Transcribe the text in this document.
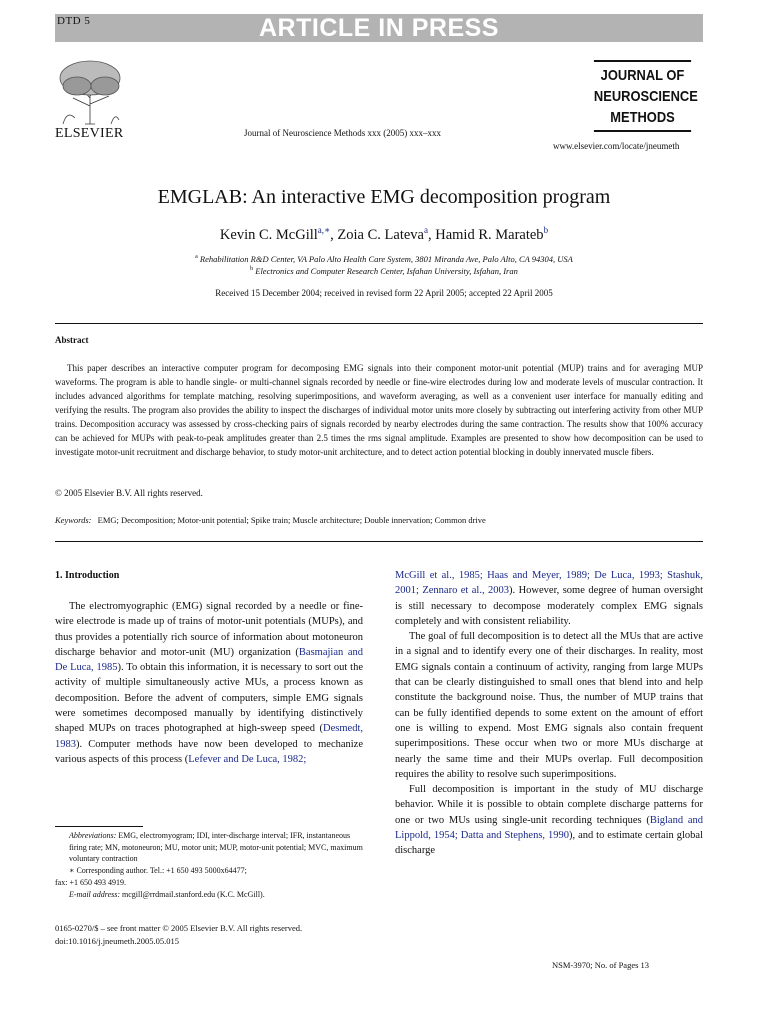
DTD 5	ARTICLE IN PRESS
ELSEVIER	Journal of Neuroscience Methods xxx (2005) xxx–xxx
JOURNAL OF
NEUROSCIENCE
METHODS
www.elsevier.com/locate/jneumeth
EMGLAB: An interactive EMG decomposition program
Kevin C. McGill$^{a,∗}$, Zoia C. Lateva$^a$, Hamid R. Marateb$^b$
$^a$ Rehabilitation R&D Center, VA Palo Alto Health Care System, 3801 Miranda Ave, Palo Alto, CA 94304, USA
$^b$ Electronics and Computer Research Center, Isfahan University, Isfahan, Iran
Received 15 December 2004; received in revised form 22 April 2005; accepted 22 April 2005
Abstract
This paper describes an interactive computer program for decomposing EMG signals into their component motor-unit potential (MUP) trains and for averaging MUP waveforms. The program is able to handle single- or multi-channel signals recorded by needle or fine-wire electrodes during low and moderate levels of muscular contraction. It includes advanced algorithms for template matching, resolving superimpositions, and waveform averaging, as well as a convenient user interface for manually editing and verifying the results. The program also provides the ability to inspect the discharges of individual motor units more closely by subtracting out interfering activity from other MUP trains. Decomposition accuracy was assessed by cross-checking pairs of signals recorded by nearby electrodes during the same contraction. The results show that 100% accuracy can be achieved for MUPs with peak-to-peak amplitudes greater than 2.5 times the rms signal amplitude. Examples are presented to show how decomposition can be used to investigate motor-unit recruitment and discharge behavior, to study motor-unit architecture, and to detect action potential blocking in doubly innervated muscle fibers.
© 2005 Elsevier B.V. All rights reserved.
Keywords: EMG; Decomposition; Motor-unit potential; Spike train; Muscle architecture; Double innervation; Common drive
1. Introduction
The electromyographic (EMG) signal recorded by a needle or fine-wire electrode is made up of trains of motor-unit potentials (MUPs), and thus provides a potentially rich source of information about motoneuron discharge behavior and motor-unit (MU) organization (Basmajian and De Luca, 1985). To obtain this information, it is necessary to sort out the activity of multiple simultaneously active MUs, a process known as decomposition. Before the advent of computers, simple EMG signals were sometimes decomposed manually by identifying distinctively shaped MUPs on traces photographed at high-sweep speed (Desmedt, 1983). Computer methods have now been developed to mechanize various aspects of this process (Lefever and De Luca, 1982;
McGill et al., 1985; Haas and Meyer, 1989; De Luca, 1993; Stashuk, 2001; Zennaro et al., 2003). However, some degree of human oversight is still necessary to decompose moderately complex EMG signals completely and with consistent reliability.
The goal of full decomposition is to detect all the MUs that are active in a signal and to identify every one of their discharges. In reality, most EMG signals contain a continuum of activity, ranging from large MUPs that can be clearly distinguished to small ones that blend into and help constitute the background noise. Thus, the number of MUP trains that can be fully identified depends to some extent on the amount of effort one is willing to expend. Most EMG signals also contain frequent superimpositions. These occur when two or more MUs discharge at nearly the same time and their MUPs overlap. Full decomposition requires the ability to resolve such superimpositions.
Full decomposition is important in the study of MU discharge behavior. While it is possible to obtain complete discharge patterns for one or two MUs using single-unit recording techniques (Bigland and Lippold, 1954; Datta and Stephens, 1990), and to estimate certain global discharge
Abbreviations: EMG, electromyogram; IDI, inter-discharge interval; IFR, instantaneous firing rate; MN, motoneuron; MU, motor unit; MUP, motor-unit potential; MVC, maximum voluntary contraction
∗ Corresponding author. Tel.: +1 650 493 5000x64477;
fax: +1 650 493 4919.
E-mail address: mcgill@rrdmail.stanford.edu (K.C. McGill).
0165-0270/$ – see front matter © 2005 Elsevier B.V. All rights reserved.
doi:10.1016/j.jneumeth.2005.05.015
NSM-3970; No. of Pages 13
